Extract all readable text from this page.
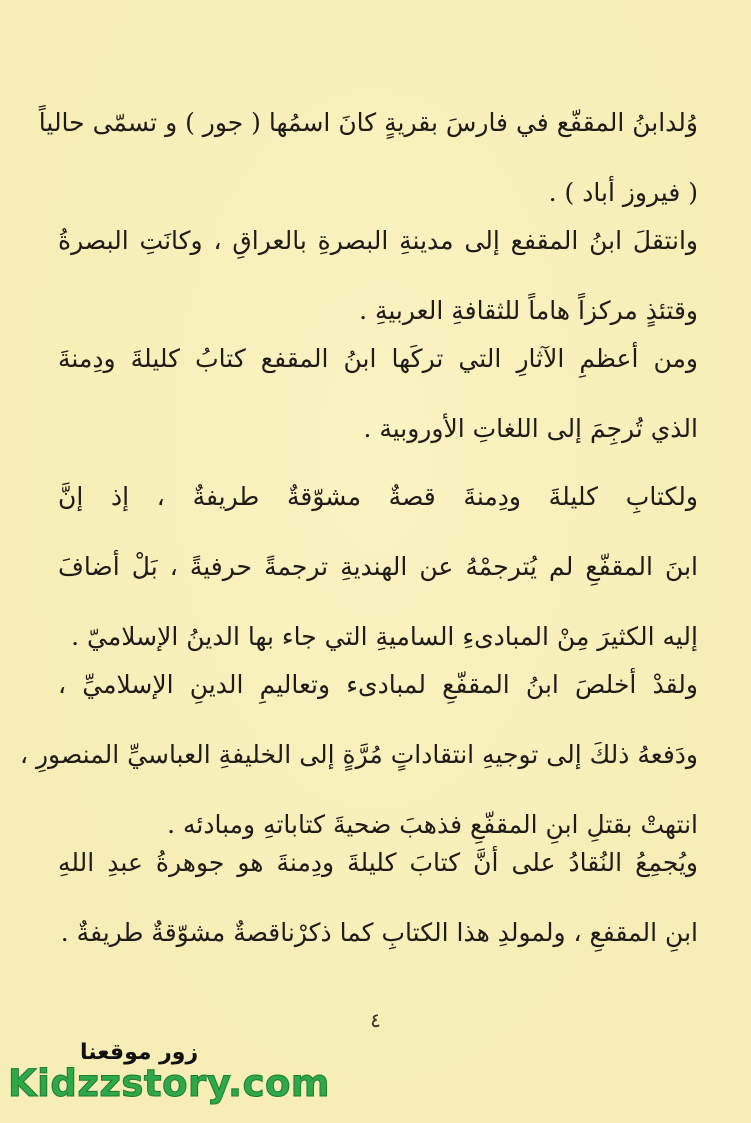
وُلدابنُ المقفّع في فارسَ بقريةٍ كانَ اسمُها ( جور ) و تسمّى حالياً
( فيروز أباد ) .
وانتقلَ ابنُ المقفع إلى مدينةِ البصرةِ بالعراقِ ، وكانَتِ البصرةُ
وقتئذٍ مركزاً هاماً للثقافةِ العربيةِ .
ومن أعظمِ الآثارِ التي تركَها ابنُ المقفع كتابُ كليلةَ ودِمنةَ
الذي تُرجِمَ إلى اللغاتِ الأوروبية .
ولكتابِ كليلةَ ودِمنةَ قصةٌ مشوّقةٌ طريفةٌ ، إذ إنَّ
ابنَ المقفّعِ لم يُترجمْهُ عن الهنديةِ ترجمةً حرفيةً ، بَلْ أضافَ
إليه الكثيرَ مِنْ المبادىءِ الساميةِ التي جاء بها الدينُ الإسلاميّ .
ولقدْ أخلصَ ابنُ المقفّعِ لمبادىء وتعاليمِ الدينِ الإسلاميِّ ،
ودَفعهُ ذلكَ إلى توجيهِ انتقاداتٍ مُرَّةٍ إلى الخليفةِ العباسيِّ المنصورِ ،
انتهتْ بقتلِ ابنِ المقفّعِ فذهبَ ضحيةَ كتاباتهِ ومبادئه .
ويُجمِعُ النُقادُ على أنَّ كتابَ كليلةَ ودِمنةَ هو جوهرةُ عبدِ اللهِ
ابنِ المقفعِ ، ولمولدِ هذا الكتابِ كما ذكرْناقصةٌ مشوّقةٌ طريفةٌ .
٤
زور موقعنا
Kidzzstory.com
